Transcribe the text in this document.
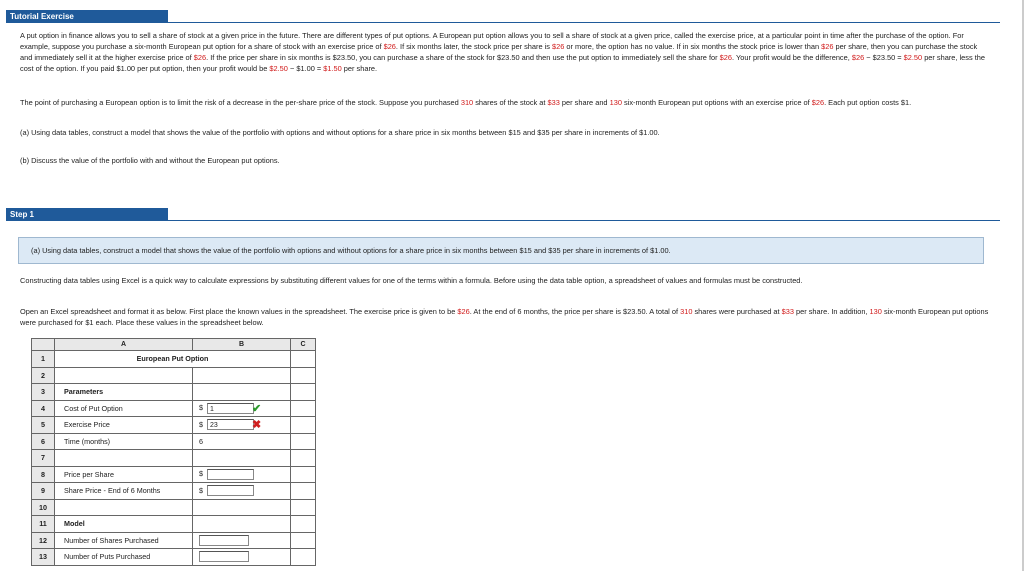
Tutorial Exercise
A put option in finance allows you to sell a share of stock at a given price in the future. There are different types of put options. A European put option allows you to sell a share of stock at a given price, called the exercise price, at a particular point in time after the purchase of the option. For example, suppose you purchase a six-month European put option for a share of stock with an exercise price of $26. If six months later, the stock price per share is $26 or more, the option has no value. If in six months the stock price is lower than $26 per share, then you can purchase the stock and immediately sell it at the higher exercise price of $26. If the price per share in six months is $23.50, you can purchase a share of the stock for $23.50 and then use the put option to immediately sell the share for $26. Your profit would be the difference, $26 − $23.50 = $2.50 per share, less the cost of the option. If you paid $1.00 per put option, then your profit would be $2.50 − $1.00 = $1.50 per share.
The point of purchasing a European option is to limit the risk of a decrease in the per-share price of the stock. Suppose you purchased 310 shares of the stock at $33 per share and 130 six-month European put options with an exercise price of $26. Each put option costs $1.
(a) Using data tables, construct a model that shows the value of the portfolio with options and without options for a share price in six months between $15 and $35 per share in increments of $1.00.
(b) Discuss the value of the portfolio with and without the European put options.
Step 1
(a) Using data tables, construct a model that shows the value of the portfolio with options and without options for a share price in six months between $15 and $35 per share in increments of $1.00.
Constructing data tables using Excel is a quick way to calculate expressions by substituting different values for one of the terms within a formula. Before using the data table option, a spreadsheet of values and formulas must be constructed.
Open an Excel spreadsheet and format it as below. First place the known values in the spreadsheet. The exercise price is given to be $26. At the end of 6 months, the price per share is $23.50. A total of 310 shares were purchased at $33 per share. In addition, 130 six-month European put options were purchased for $1 each. Place these values in the spreadsheet below.
	A	B	C
1	European Put Option		
2			
3	Parameters		
4	Cost of Put Option	$ 1 ✔	

5	Exercise Price	$ 23 ✖	

6	Time (months)	6	
7			
8	Price per Share	$	
9	Share Price - End of 6 Months	$	
10			
11	Model		
12	Number of Shares Purchased		
13	Number of Puts Purchased		
